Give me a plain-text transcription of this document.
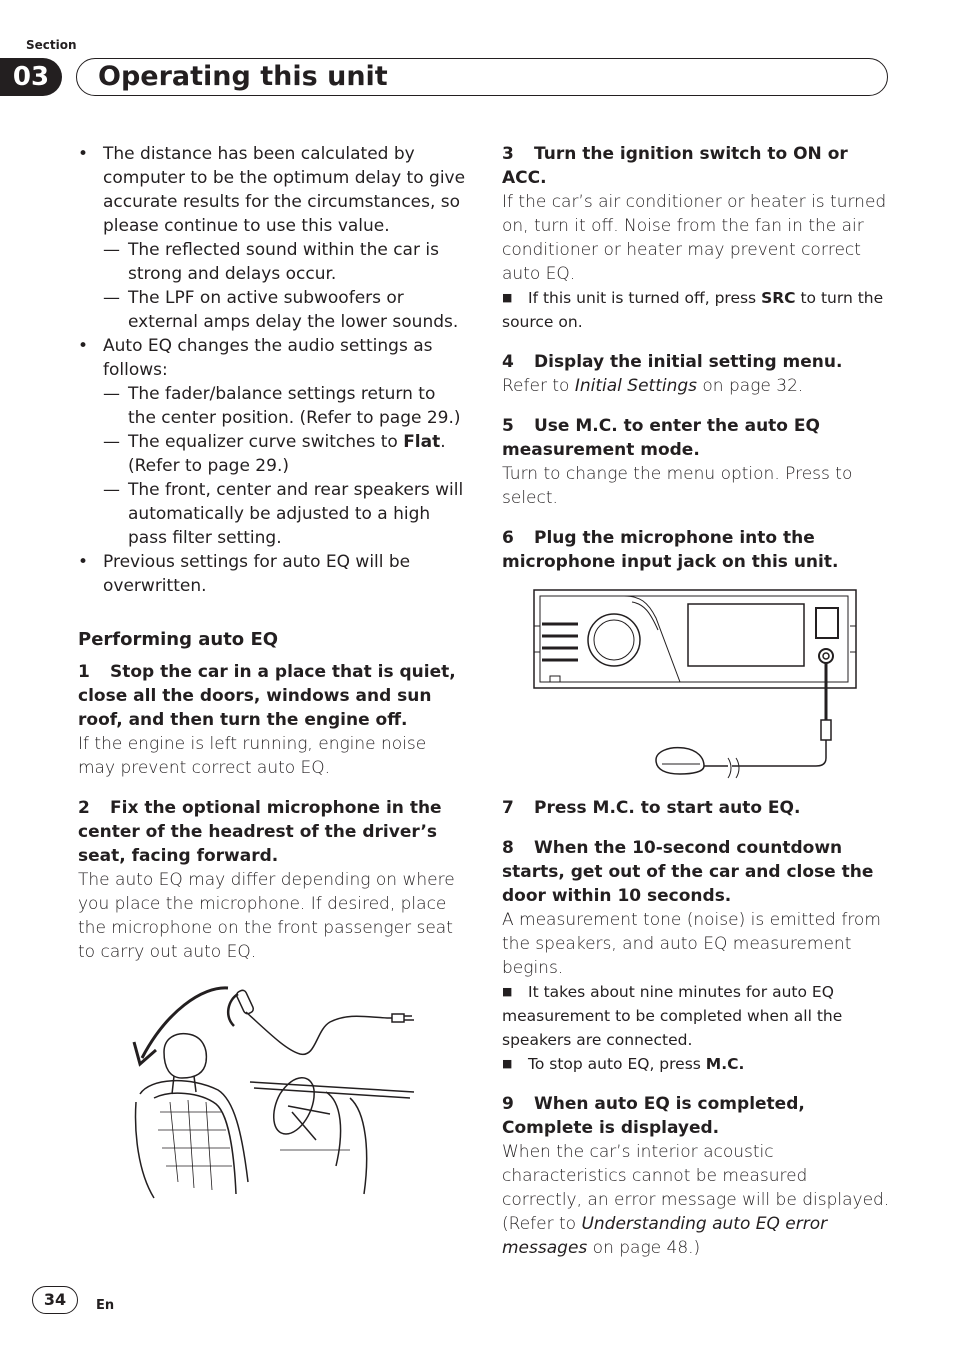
Section
03	Operating this unit
• The distance has been calculated by computer to be the optimum delay to give accurate results for the circumstances, so please continue to use this value.
— The reflected sound within the car is strong and delays occur.
— The LPF on active subwoofers or external amps delay the lower sounds.
• Auto EQ changes the audio settings as follows:
— The fader/balance settings return to the center position. (Refer to page 29.)
— The equalizer curve switches to Flat. (Refer to page 29.)
— The front, center and rear speakers will automatically be adjusted to a high pass filter setting.
• Previous settings for auto EQ will be overwritten.
Performing auto EQ
1 Stop the car in a place that is quiet, close all the doors, windows and sun roof, and then turn the engine off.

If the engine is left running, engine noise may prevent correct auto EQ.

2 Fix the optional microphone in the center of the headrest of the driver’s seat, facing forward.

The auto EQ may differ depending on where you place the microphone. If desired, place the microphone on the front passenger seat to carry out auto EQ.

3 Turn the ignition switch to ON or ACC.

If the car’s air conditioner or heater is turned on, turn it off. Noise from the fan in the air conditioner or heater may prevent correct auto EQ.

■ If this unit is turned off, press SRC to turn the source on.
4 Display the initial setting menu.

Refer to Initial Settings on page 32.

5 Use M.C. to enter the auto EQ measurement mode.

Turn to change the menu option. Press to select.

6 Plug the microphone into the microphone input jack on this unit.
7 Press M.C. to start auto EQ.
8 When the 10-second countdown starts, get out of the car and close the door within 10 seconds.

A measurement tone (noise) is emitted from the speakers, and auto EQ measurement begins.

■ It takes about nine minutes for auto EQ measurement to be completed when all the speakers are connected.
■ To stop auto EQ, press M.C.
9 When auto EQ is completed, Complete is displayed.

When the car’s interior acoustic characteristics cannot be measured correctly, an error message will be displayed. (Refer to Understanding auto EQ error messages on page 48.)

34	En
